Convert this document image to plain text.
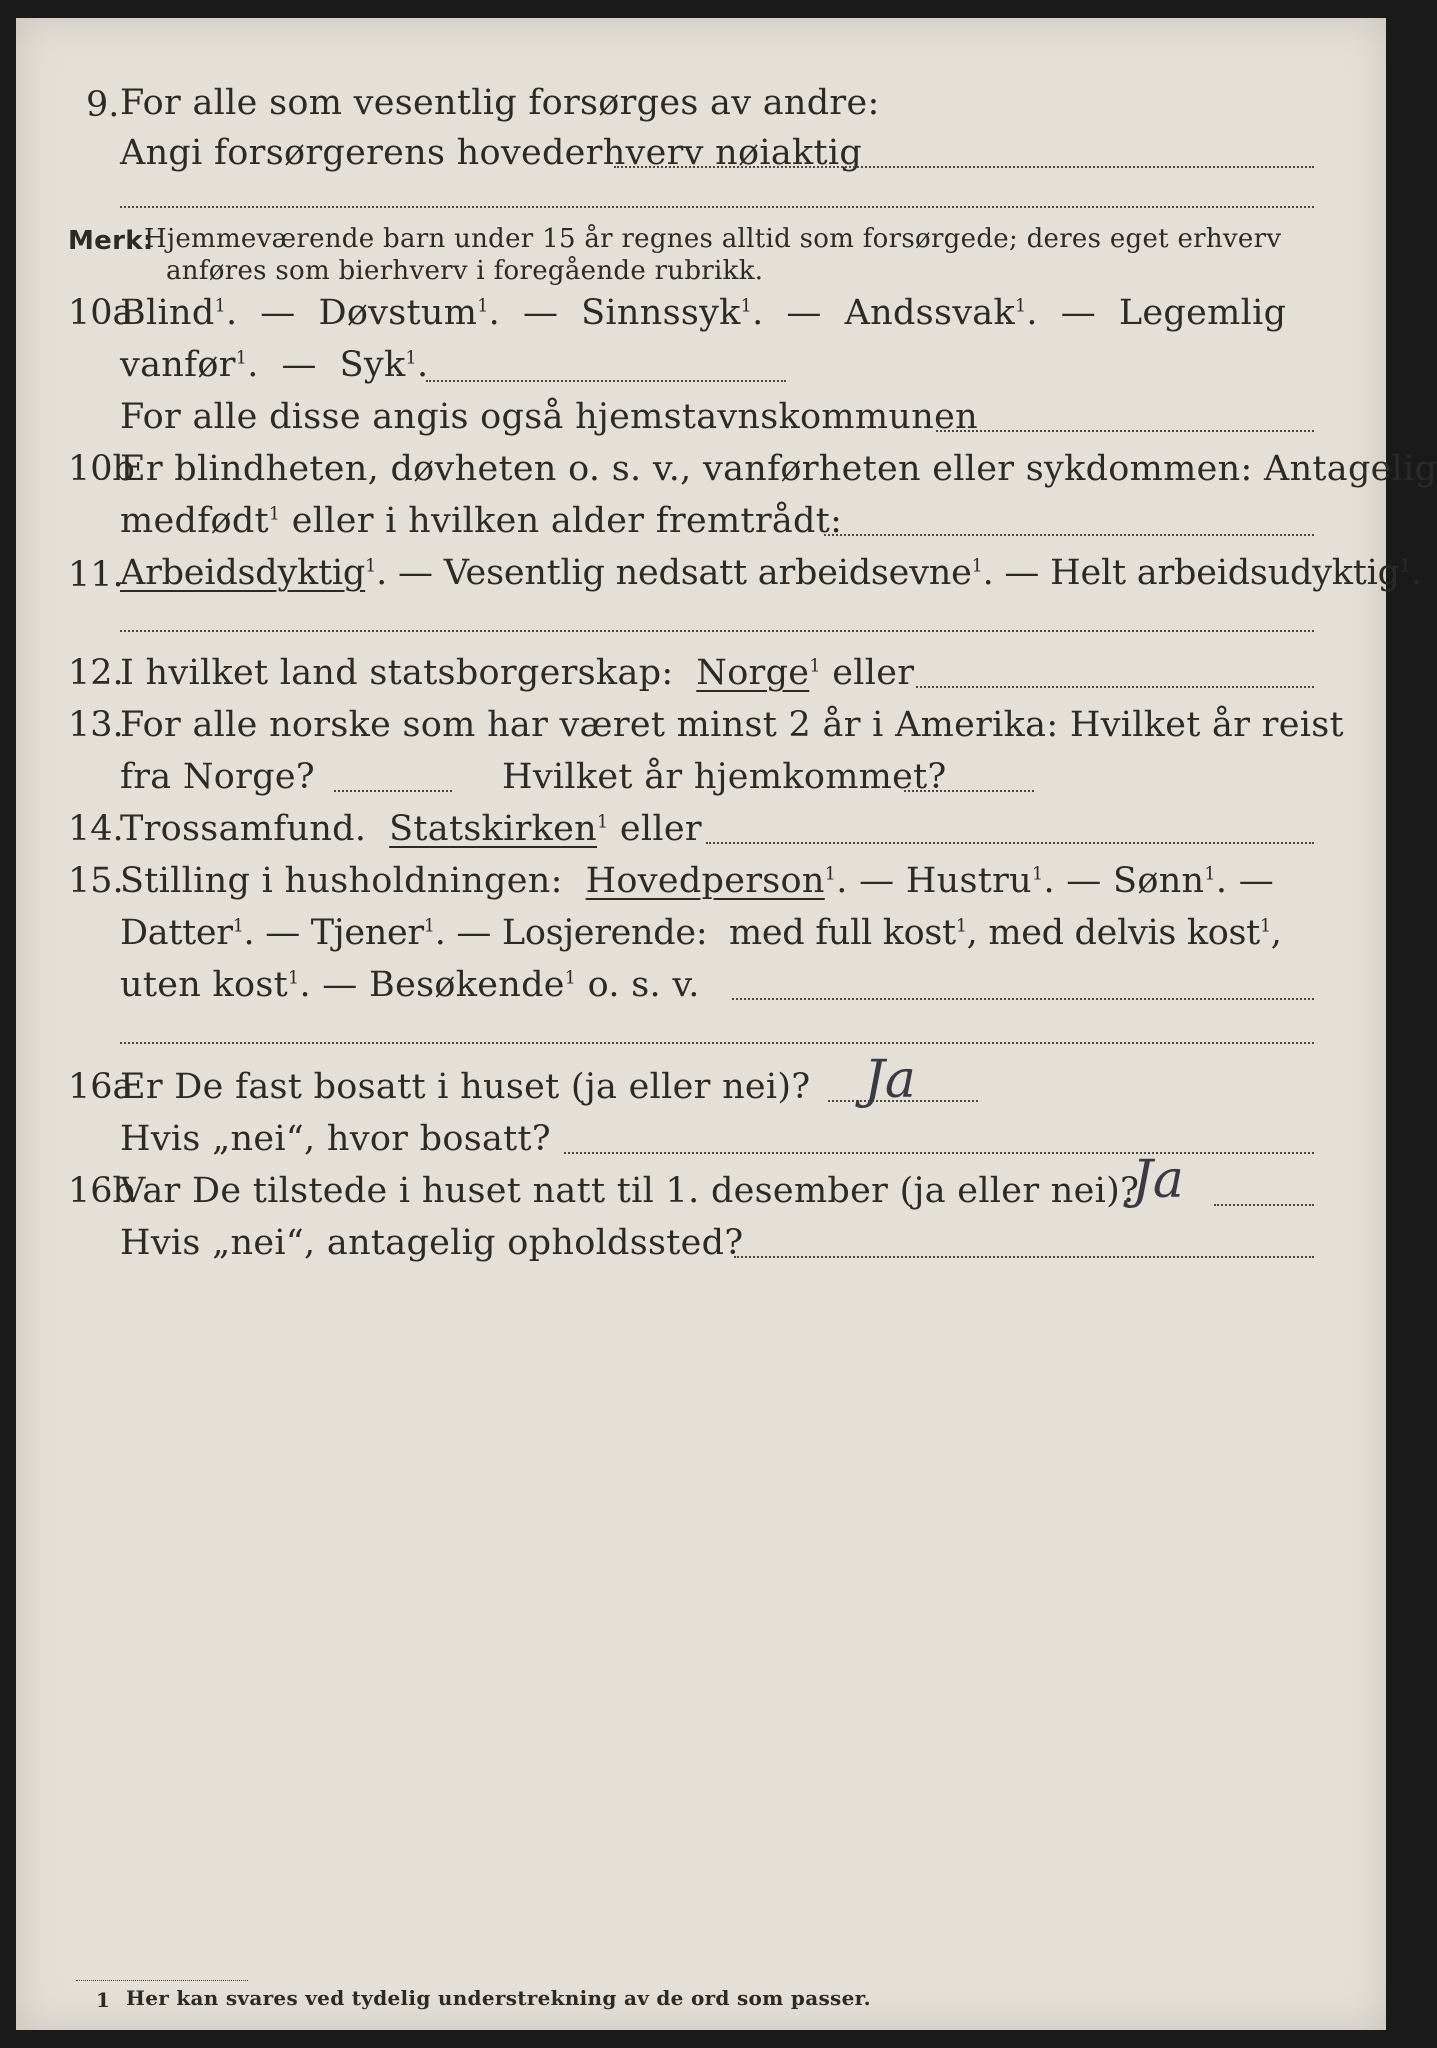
9. For alle som vesentlig forsørges av andre:
Angi forsørgerens hovederhverv nøiaktig
Merk:
Hjemmeværende barn under 15 år regnes alltid som forsørgede; deres eget erhverv
anføres som bierhverv i foregående rubrikk.
10a
Blind$^1$.  — Døvstum$^1$.  — Sinnssyk$^1$.  — Andssvak$^1$.  — Legemlig
vanfør$^1$.  — Syk$^1$.
For alle disse angis også hjemstavnskommunen
10b
Er blindheten, døvheten o. s. v., vanførheten eller sykdommen: Antagelig
medfødt$^1$ eller i hvilken alder fremtrådt:
11.
Arbeidsdyktig$^1$. — Vesentlig nedsatt arbeidsevne$^1$. — Helt arbeidsudyktig$^1$.
12.
I hvilket land statsborgerskap: Norge$^1$ eller
13.
For alle norske som har været minst 2 år i Amerika: Hvilket år reist
fra Norge?	Hvilket år hjemkommet?
14.
Trossamfund. Statskirken$^1$ eller
15.
Stilling i husholdningen: Hovedperson$^1$. — Hustru$^1$. — Sønn$^1$. —
Datter$^1$. — Tjener$^1$. — Losjerende: med full kost$^1$, med delvis kost$^1$,
uten kost$^1$. — Besøkende$^1$ o. s. v.
16a
Er De fast bosatt i huset (ja eller nei)? Ja
Hvis „nei“, hvor bosatt?
16b
Var De tilstede i huset natt til 1. desember (ja eller nei)?
Ja
Hvis „nei“, antagelig opholdssted?
1 Her kan svares ved tydelig understrekning av de ord som passer.
